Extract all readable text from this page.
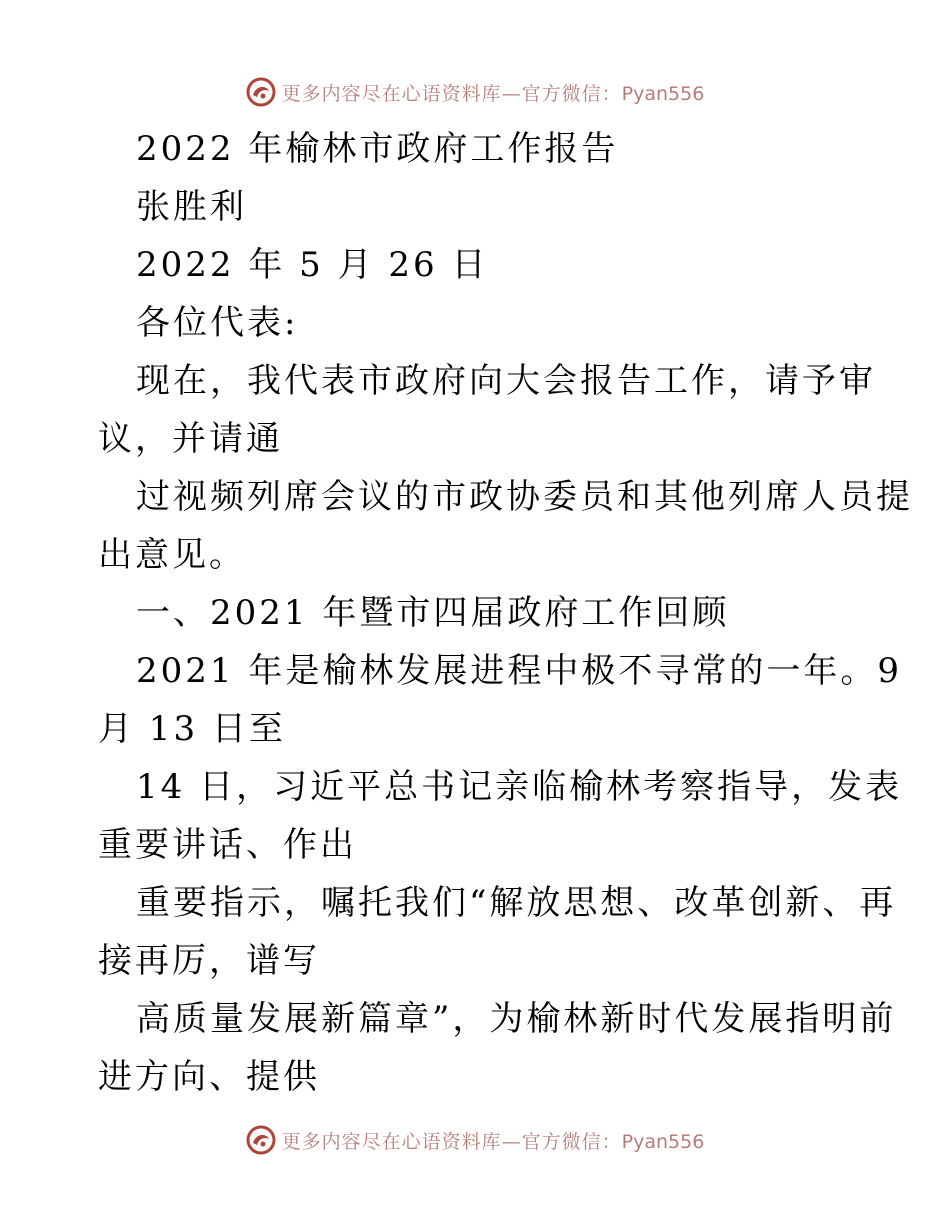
更多内容尽在心语资料库—官方微信：Pyan556
2022 年榆林市政府工作报告
张胜利
2022 年 5 月 26 日
各位代表:
现在，我代表市政府向大会报告工作，请予审
议，并请通
过视频列席会议的市政协委员和其他列席人员提
出意见。
一、2021 年暨市四届政府工作回顾
2021 年是榆林发展进程中极不寻常的一年。9
月 13 日至
14 日，习近平总书记亲临榆林考察指导，发表
重要讲话、作出
重要指示，嘱托我们“解放思想、改革创新、再
接再厉，谱写
高质量发展新篇章”，为榆林新时代发展指明前
进方向、提供
更多内容尽在心语资料库—官方微信：Pyan556
